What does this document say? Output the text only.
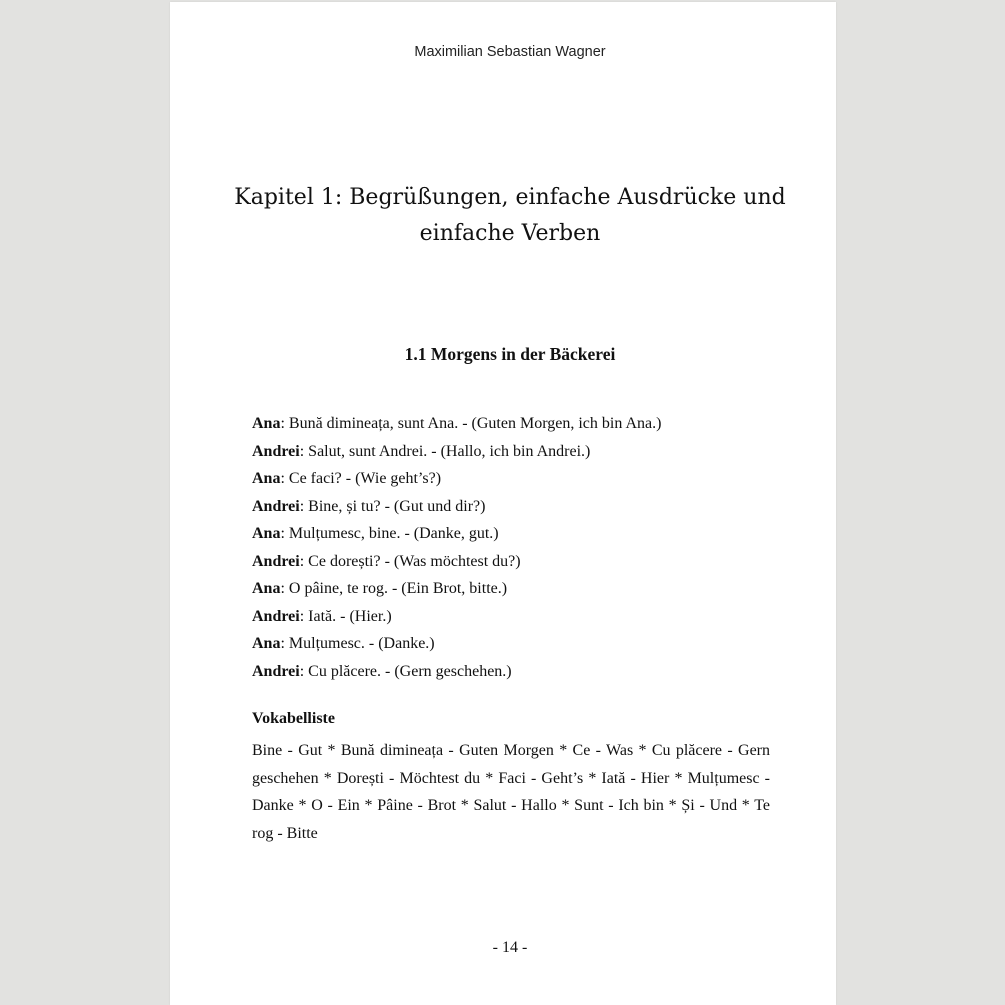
Maximilian Sebastian Wagner
Kapitel 1: Begrüßungen, einfache Ausdrücke und
einfache Verben
1.1 Morgens in der Bäckerei
Ana: Bună dimineața, sunt Ana. - (Guten Morgen, ich bin Ana.)
Andrei: Salut, sunt Andrei. - (Hallo, ich bin Andrei.)
Ana: Ce faci? - (Wie geht’s?)
Andrei: Bine, și tu? - (Gut und dir?)
Ana: Mulțumesc, bine. - (Danke, gut.)
Andrei: Ce dorești? - (Was möchtest du?)
Ana: O pâine, te rog. - (Ein Brot, bitte.)
Andrei: Iată. - (Hier.)
Ana: Mulțumesc. - (Danke.)
Andrei: Cu plăcere. - (Gern geschehen.)
Vokabelliste

Bine - Gut * Bună dimineața - Guten Morgen * Ce - Was * Cu plăcere - Gern geschehen * Dorești - Möchtest du * Faci - Geht’s * Iată - Hier * Mulțumesc - Danke * O - Ein * Pâine - Brot * Salut - Hallo * Sunt - Ich bin * Și - Und * Te rog - Bitte

- 14 -
